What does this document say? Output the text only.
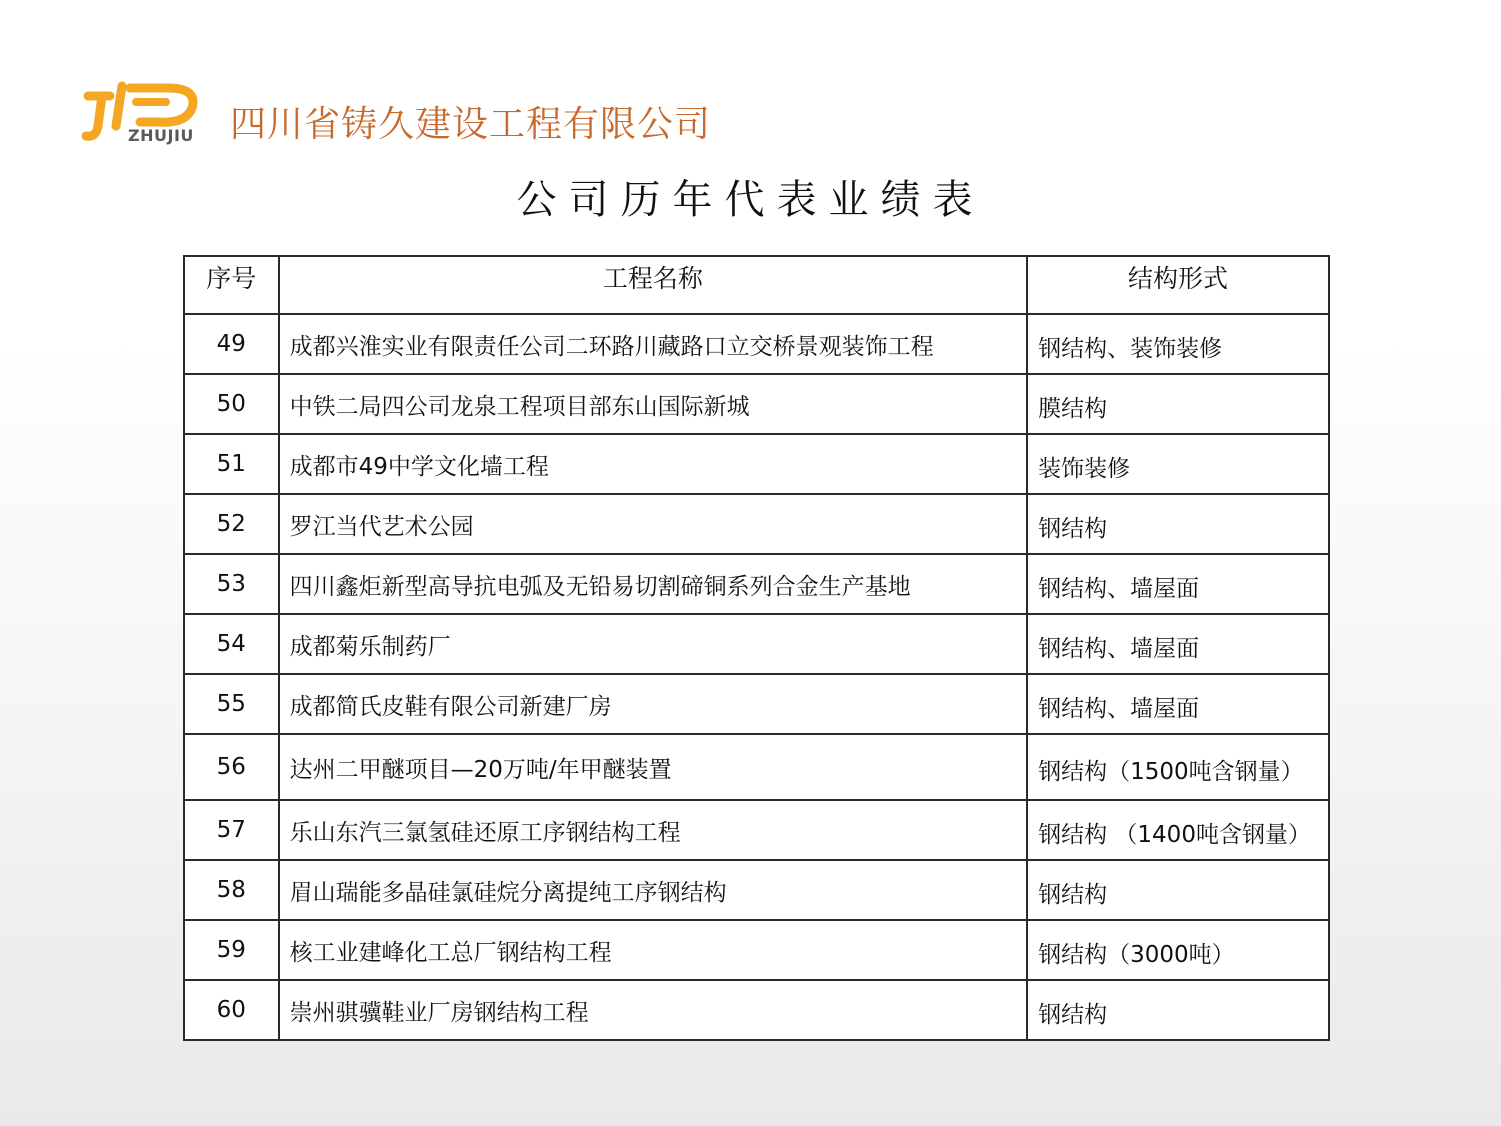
ZHUJIU 四川省铸久建设工程有限公司
公司历年代表业绩表
序号	工程名称	结构形式
49	成都兴淮实业有限责任公司二环路川藏路口立交桥景观装饰工程	钢结构、装饰装修
50	中铁二局四公司龙泉工程项目部东山国际新城	膜结构
51	成都市49中学文化墙工程	装饰装修
52	罗江当代艺术公园	钢结构
53	四川鑫炬新型高导抗电弧及无铅易切割碲铜系列合金生产基地	钢结构、墙屋面
54	成都菊乐制药厂	钢结构、墙屋面
55	成都简氏皮鞋有限公司新建厂房	钢结构、墙屋面
56	达州二甲醚项目—20万吨/年甲醚装置	钢结构（1500吨含钢量）
57	乐山东汽三氯氢硅还原工序钢结构工程	钢结构 （1400吨含钢量）
58	眉山瑞能多晶硅氯硅烷分离提纯工序钢结构	钢结构
59	核工业建峰化工总厂钢结构工程	钢结构（3000吨）
60	崇州骐骥鞋业厂房钢结构工程	钢结构
